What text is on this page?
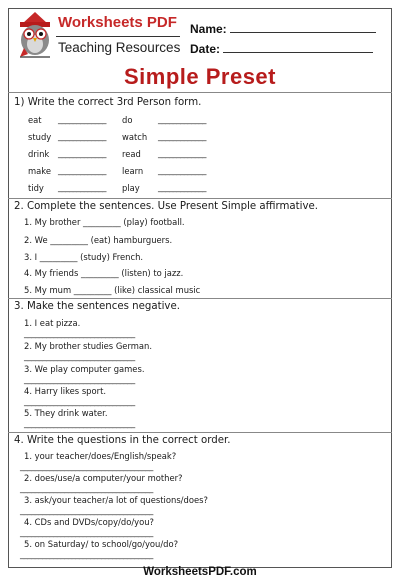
Worksheets PDF
Teaching Resources
Name:
Date:
Simple Preset
1) Write the correct 3rd Person form.
eat _____________ do	_____________
study _____________ watch _____________
drink _____________ read _____________
make _____________ learn _____________
tidy _____________ play _____________
2. Complete the sentences. Use Present Simple affirmative.
1. My brother _________ (play) football.
2. We _________ (eat) hamburguers.
3. I _________ (study) French.
4. My friends _________ (listen) to jazz.
5. My mum _________ (like) classical music
3. Make the sentences negative.
1. I eat pizza.
______________________________
2. My brother studies German.
______________________________
3. We play computer games.
______________________________
4. Harry likes sport.
______________________________
5. They drink water.
______________________________
4. Write the questions in the correct order.
1. your teacher/does/English/speak?
____________________________________
2. does/use/a computer/your mother?
____________________________________
3. ask/your teacher/a lot of questions/does?
____________________________________
4. CDs and DVDs/copy/do/you?
____________________________________
5. on Saturday/ to school/go/you/do?
____________________________________
WorksheetsPDF.com
